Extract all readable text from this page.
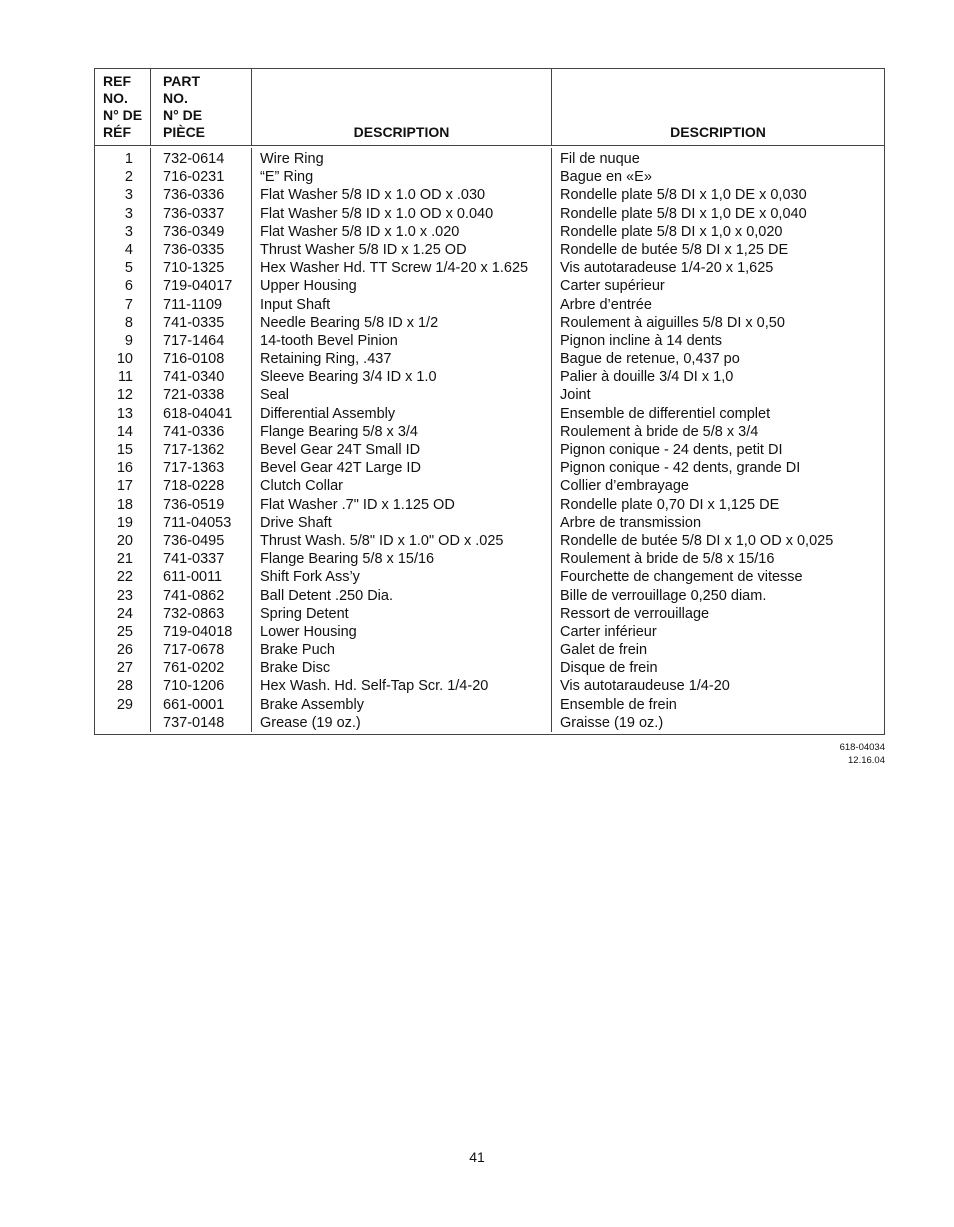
REF
NO.
N° DE
RÉF
PART
NO.
N° DE
PIÈCE	DESCRIPTION	DESCRIPTION
1
2
3
3
3
4
5
6
7
8
9
10
11
12
13
14
15
16
17
18
19
20
21
22
23
24
25
26
27
28
29
732-0614
716-0231
736-0336
736-0337
736-0349
736-0335
710-1325
719-04017
711-1109
741-0335
717-1464
716-0108
741-0340
721-0338
618-04041
741-0336
717-1362
717-1363
718-0228
736-0519
711-04053
736-0495
741-0337
611-0011
741-0862
732-0863
719-04018
717-0678
761-0202
710-1206
661-0001
737-0148
Wire Ring
“E” Ring
Flat Washer 5/8 ID x 1.0 OD x .030
Flat Washer 5/8 ID x 1.0 OD x 0.040
Flat Washer 5/8 ID x 1.0 x .020
Thrust Washer 5/8 ID x 1.25 OD
Hex Washer Hd. TT Screw 1/4-20 x 1.625
Upper Housing
Input Shaft
Needle Bearing 5/8 ID x 1/2
14-tooth Bevel Pinion
Retaining Ring, .437
Sleeve Bearing 3/4 ID x 1.0
Seal
Differential Assembly
Flange Bearing 5/8 x 3/4
Bevel Gear 24T Small ID
Bevel Gear 42T Large ID
Clutch Collar
Flat Washer .7" ID x 1.125 OD
Drive Shaft
Thrust Wash. 5/8" ID x 1.0" OD x .025
Flange Bearing 5/8 x 15/16
Shift Fork Ass’y
Ball Detent .250 Dia.
Spring Detent
Lower Housing
Brake Puch
Brake Disc
Hex Wash. Hd. Self-Tap Scr. 1/4-20
Brake Assembly
Grease (19 oz.)
Fil de nuque
Bague en «E»
Rondelle plate 5/8 DI x 1,0 DE x 0,030
Rondelle plate 5/8 DI x 1,0 DE x 0,040
Rondelle plate 5/8 DI x 1,0 x 0,020
Rondelle de butée 5/8 DI x 1,25 DE
Vis autotaradeuse 1/4-20 x 1,625
Carter supérieur
Arbre d’entrée
Roulement à aiguilles 5/8 DI x 0,50
Pignon incline à 14 dents
Bague de retenue, 0,437 po
Palier à douille 3/4 DI x 1,0
Joint
Ensemble de differentiel complet
Roulement à bride de 5/8 x 3/4
Pignon conique - 24 dents, petit DI
Pignon conique - 42 dents, grande DI
Collier d’embrayage
Rondelle plate 0,70 DI x 1,125 DE
Arbre de transmission
Rondelle de butée 5/8 DI x 1,0 OD x 0,025
Roulement à bride de 5/8 x 15/16
Fourchette de changement de vitesse
Bille de verrouillage 0,250 diam.
Ressort de verrouillage
Carter inférieur
Galet de frein
Disque de frein
Vis autotaraudeuse 1/4-20
Ensemble de frein
Graisse (19 oz.)
618-04034
12.16.04
41
